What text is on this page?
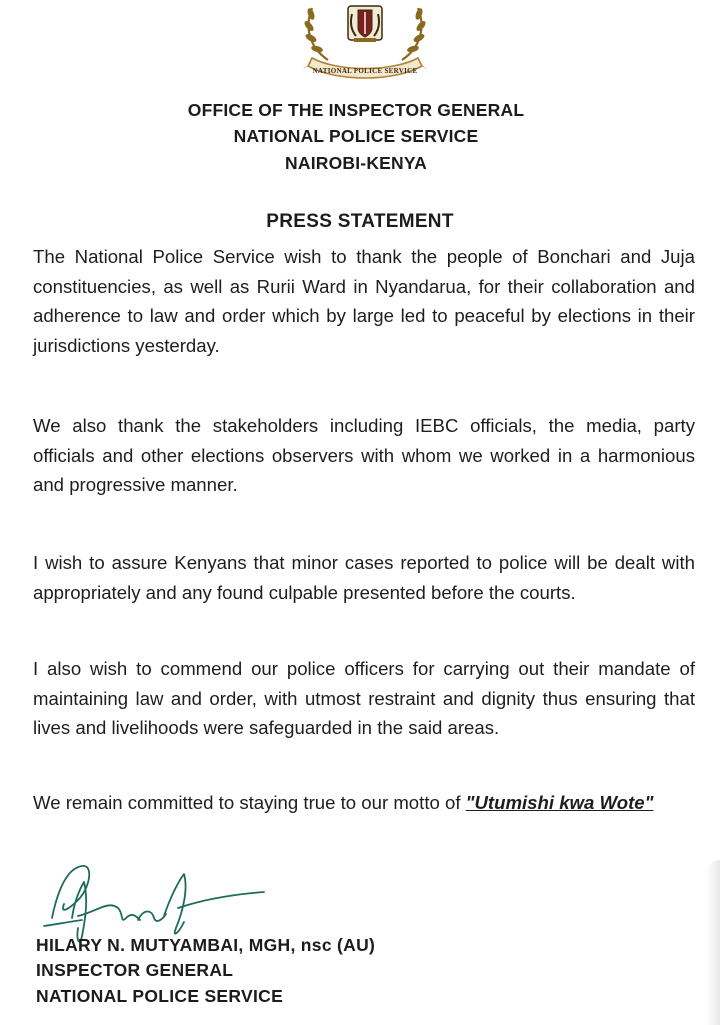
NATIONAL POLICE SERVICE
OFFICE OF THE INSPECTOR GENERAL
NATIONAL POLICE SERVICE
NAIROBI-KENYA
PRESS STATEMENT
The National Police Service wish to thank the people of Bonchari and Juja constituencies, as well as Rurii Ward in Nyandarua, for their collaboration and adherence to law and order which by large led to peaceful by elections in their jurisdictions yesterday.
We also thank the stakeholders including IEBC officials, the media, party officials and other elections observers with whom we worked in a harmonious and progressive manner.
I wish to assure Kenyans that minor cases reported to police will be dealt with appropriately and any found culpable presented before the courts.
I also wish to commend our police officers for carrying out their mandate of maintaining law and order, with utmost restraint and dignity thus ensuring that lives and livelihoods were safeguarded in the said areas.
We remain committed to staying true to our motto of "Utumishi kwa Wote"
HILARY N. MUTYAMBAI, MGH, nsc (AU)
INSPECTOR GENERAL
NATIONAL POLICE SERVICE
